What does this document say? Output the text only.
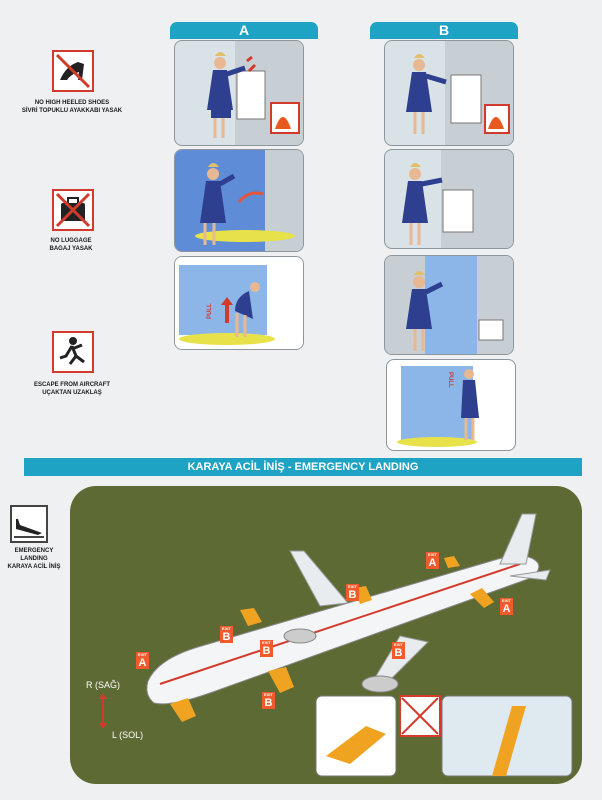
A	B
PULL
PULL
NO HIGH HEELED SHOES
SİVRİ TOPUKLU AYAKKABI YASAK
NO LUGGAGE
BAGAJ YASAK
ESCAPE FROM AIRCRAFT
UÇAKTAN UZAKLAŞ
KARAYA ACİL İNİŞ - EMERGENCY LANDING
EMERGENCY LANDING
KARAYA ACİL İNİŞ
EXIT
A
EXIT
B
EXIT
B	EXIT
B
EXIT
A
EXIT
B
EXIT
A
EXIT
B
R (SAĞ)
L (SOL)
